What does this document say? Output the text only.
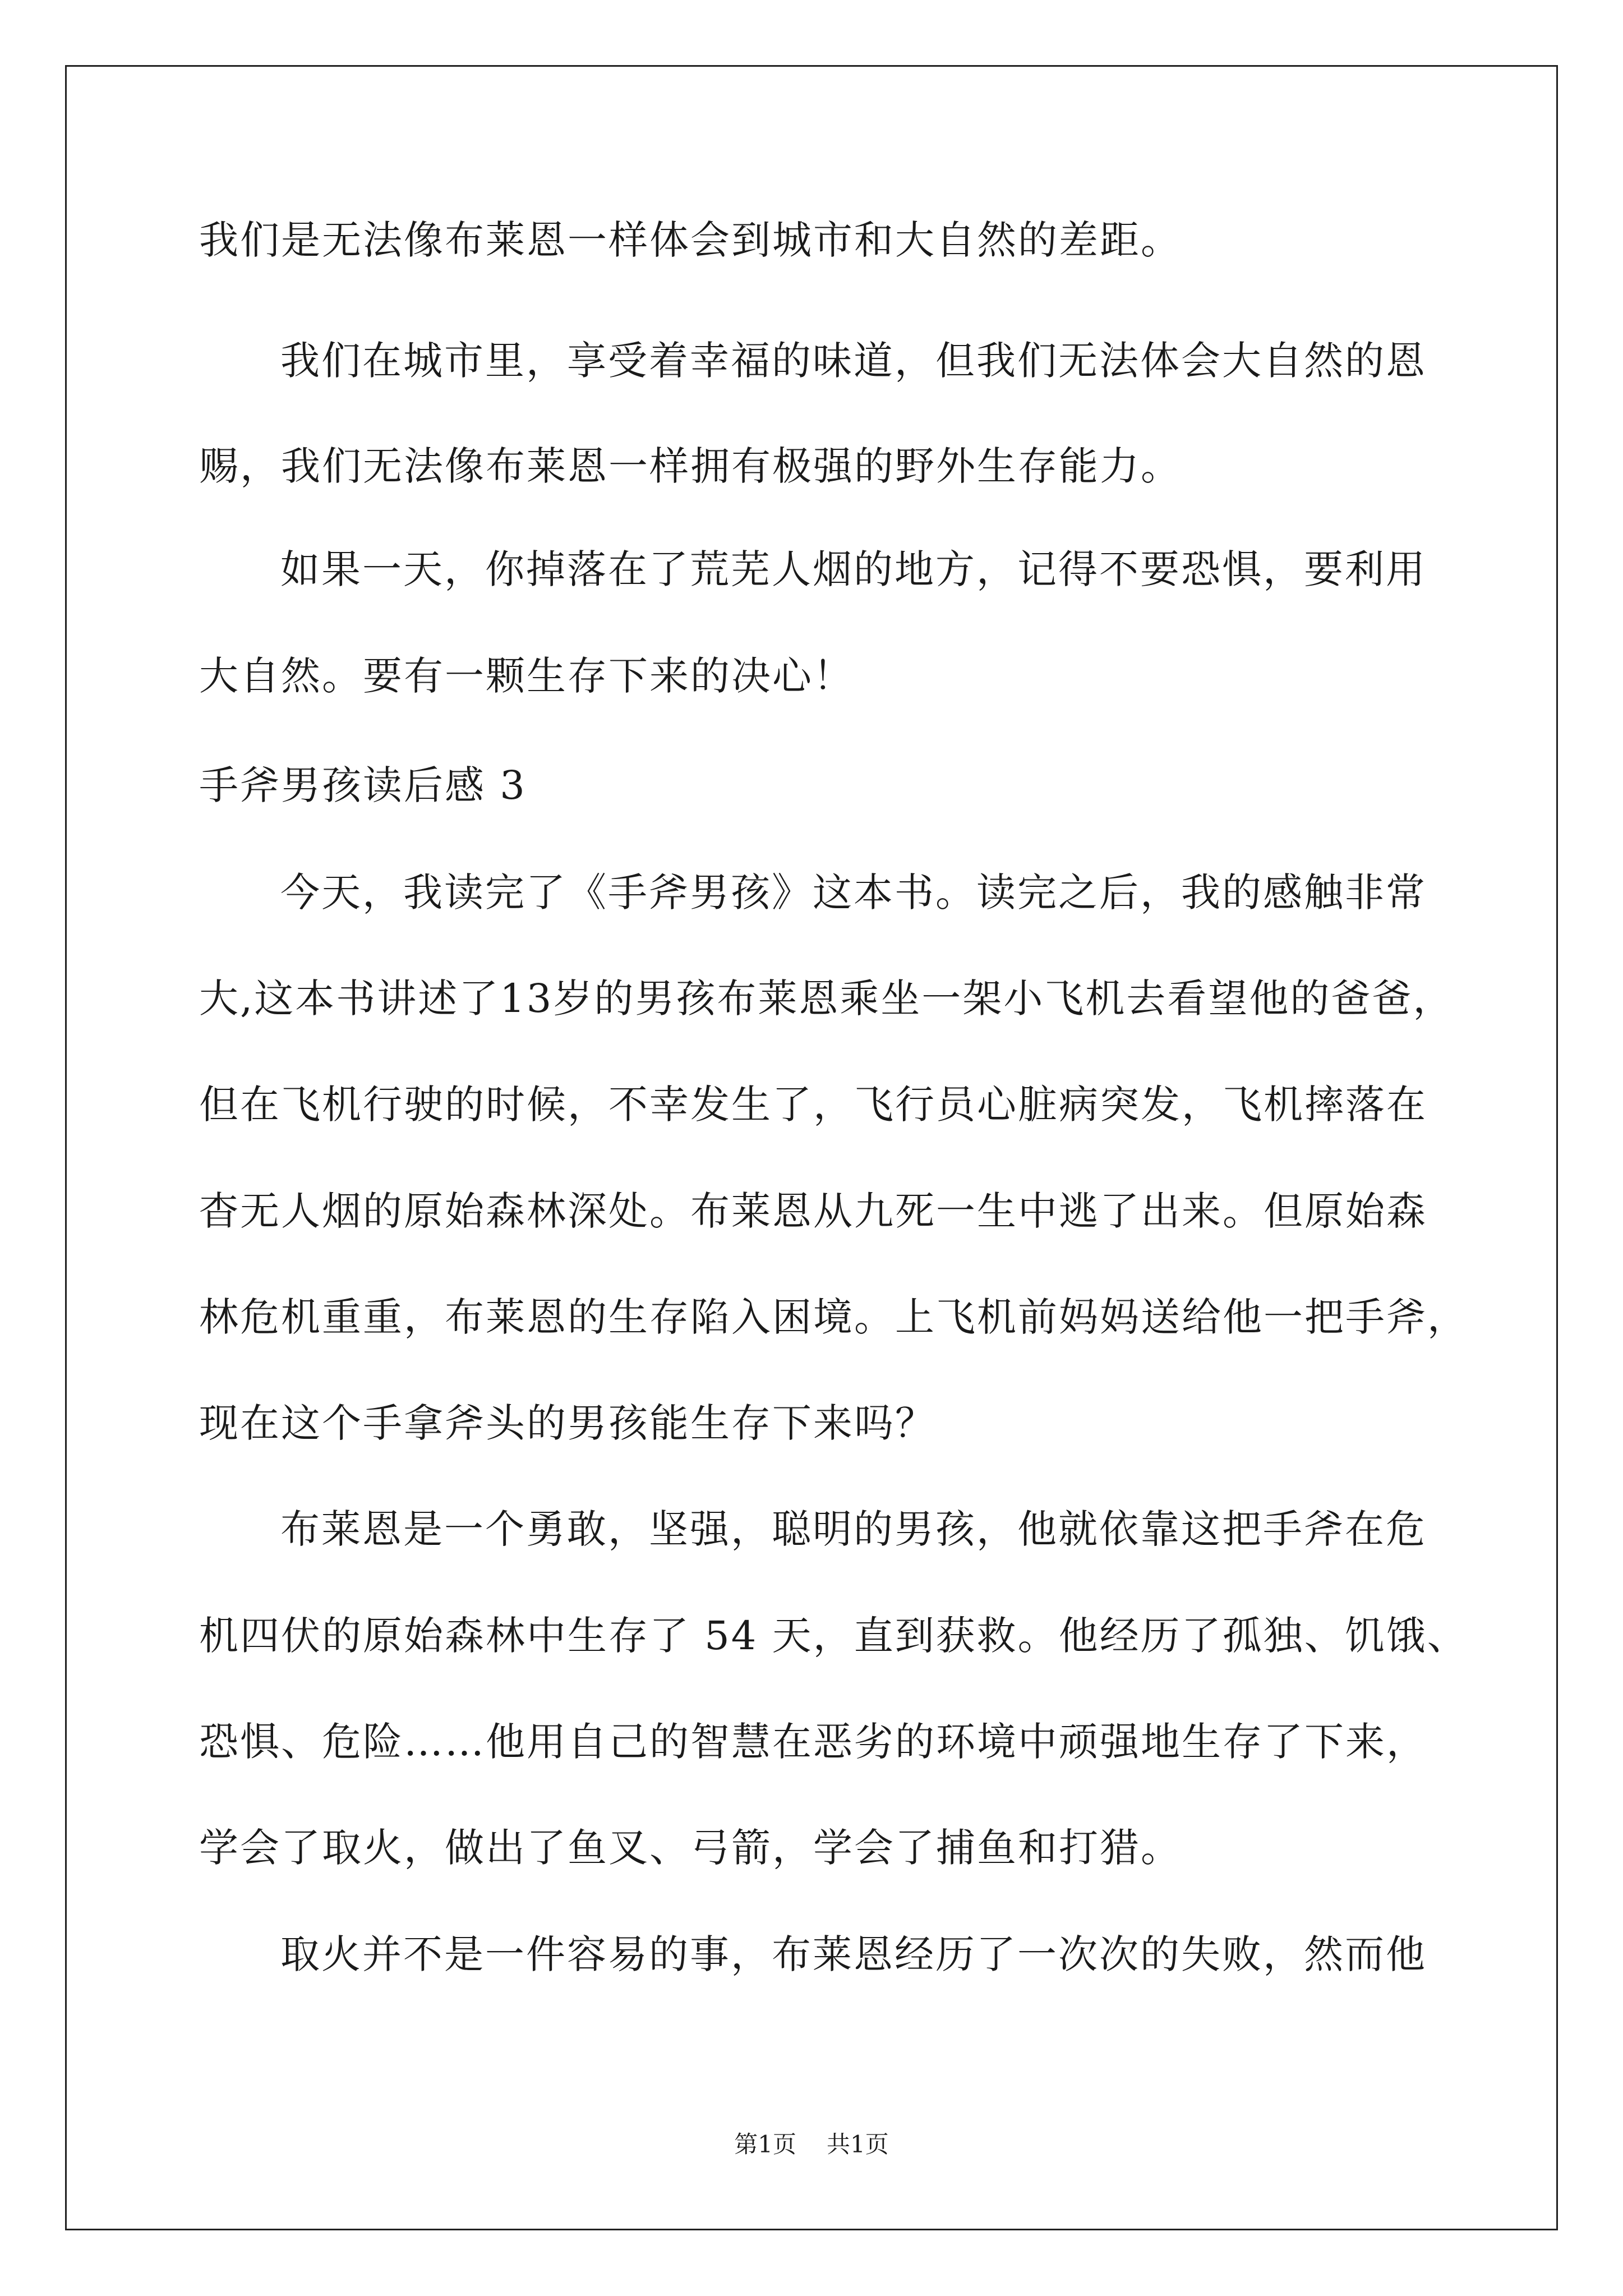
我们是无法像布莱恩一样体会到城市和大自然的差距。
我们在城市里，享受着幸福的味道，但我们无法体会大自然的恩
赐，我们无法像布莱恩一样拥有极强的野外生存能力。
如果一天，你掉落在了荒芜人烟的地方，记得不要恐惧，要利用
大自然。要有一颗生存下来的决心！
手斧男孩读后感 3
今天，我读完了《手斧男孩》这本书。读完之后，我的感触非常
大,这本书讲述了13岁的男孩布莱恩乘坐一架小飞机去看望他的爸爸，
但在飞机行驶的时候，不幸发生了，飞行员心脏病突发，飞机摔落在
杳无人烟的原始森林深处。布莱恩从九死一生中逃了出来。但原始森
林危机重重，布莱恩的生存陷入困境。上飞机前妈妈送给他一把手斧，
现在这个手拿斧头的男孩能生存下来吗？
布莱恩是一个勇敢，坚强，聪明的男孩，他就依靠这把手斧在危
机四伏的原始森林中生存了 54 天，直到获救。他经历了孤独、饥饿、
恐惧、危险……他用自己的智慧在恶劣的环境中顽强地生存了下来，
学会了取火，做出了鱼叉、弓箭，学会了捕鱼和打猎。
取火并不是一件容易的事，布莱恩经历了一次次的失败，然而他
第1页 共1页
